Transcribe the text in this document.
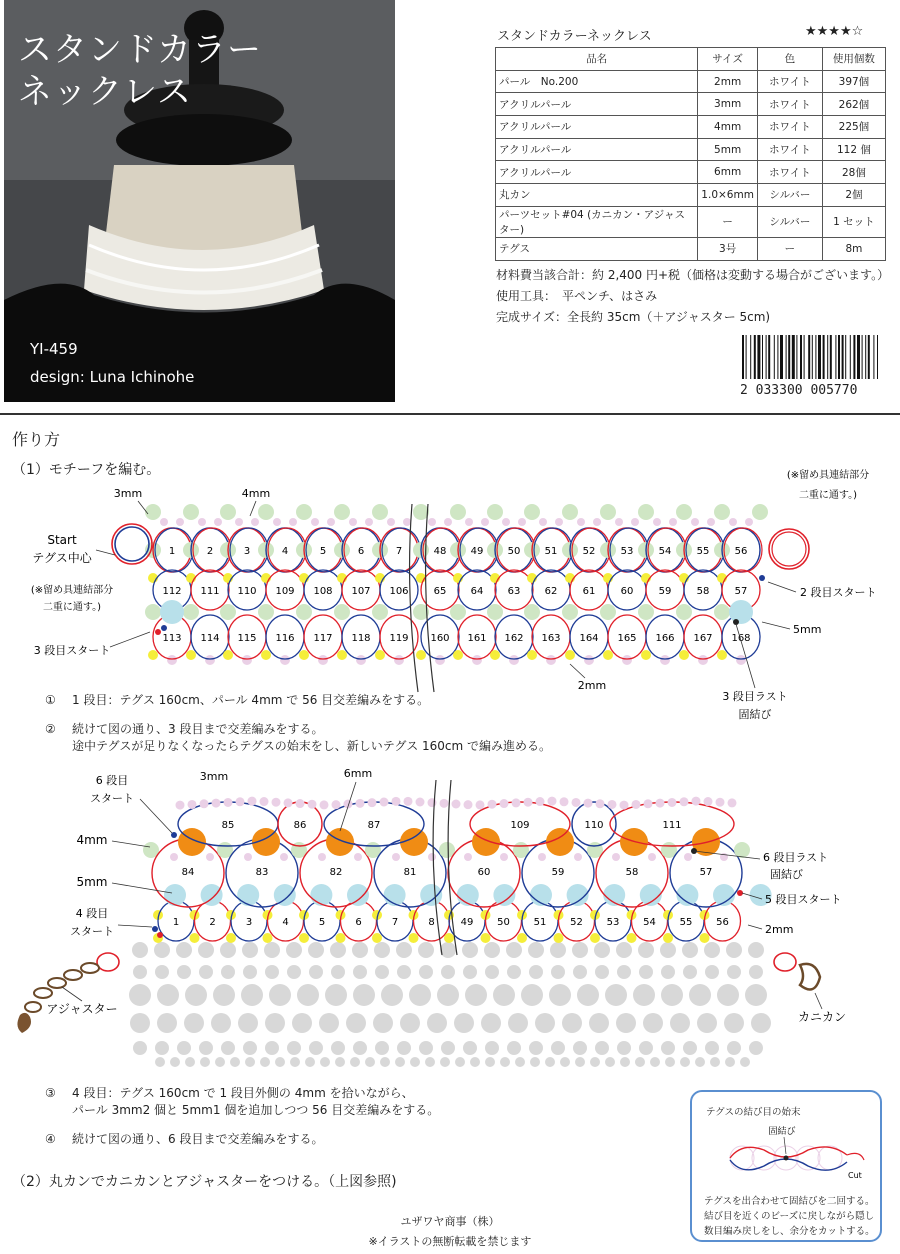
スタンドカラー
ネックレス
YI-459
design: Luna Ichinohe
スタンドカラーネックレス	★★★★☆
品名	サイズ	色	使用個数
パール　No.200	2mm	ホワイト	397個
アクリルパール	3mm	ホワイト	262個
アクリルパール	4mm	ホワイト	225個
アクリルパール	5mm	ホワイト	112 個
アクリルパール	6mm	ホワイト	28個
丸カン	1.0×6mm	シルバー	2個
パーツセット#04 (カニカン・アジャスター)	ー	シルバー	1 セット
テグス	3号	ー	8m
材料費当該合計：約 2,400 円+税（価格は変動する場合がございます。）
使用工具：　平ペンチ、はさみ
完成サイズ：全長約 35cm（＋アジャスター 5cm)
2 033300 005770
作り方
（1）モチーフを編む。
1	2	3	4	5	6	7	48 49 50 51	52	53	54	55	56
112 111 110 109 108 107 106	65 64 63 62	61	60	59	58	57
113 114 115 116 117 118 119 160 161 162 163 164 165 166 167 168
3mm	4mm
Start
テグス中心
(※留め具連結部分
二重に通す。)
(※留め具連結部分
二重に通す。)
2 段目スタート
3 段目スタート
5mm
2mm
3 段目ラスト
固結び
① 1 段目：テグス 160cm、パール 4mm で 56 目交差編みをする。
② 続けて図の通り、3 段目まで交差編みをする。
途中テグスが足りなくなったらテグスの始末をし、新しいテグス 160cm で編み進める。
1	2	3	4	5	6	7	8	49 50 51 52 53 54 55 56
84	83	82	81	60	59	58	57
85	86	87	109	110	111
3mm	6mm
6 段目
スタート
4mm
5mm
4 段目
スタート
6 段目ラスト
固結び
5 段目スタート
2mm
アジャスター
カニカン
③ 4 段目：テグス 160cm で 1 段目外側の 4mm を拾いながら、
パール 3mm2 個と 5mm1 個を追加しつつ 56 目交差編みをする。
④ 続けて図の通り、6 段目まで交差編みをする。
（2）丸カンでカニカンとアジャスターをつける。（上図参照)
テグスの結び目の始末
固結び
Cut
テグスを出合わせて固結びを二回する。
結び目を近くのビーズに戻しながら隠し
数目編み戻しをし、余分をカットする。
ユザワヤ商事（株）
※イラストの無断転載を禁じます
